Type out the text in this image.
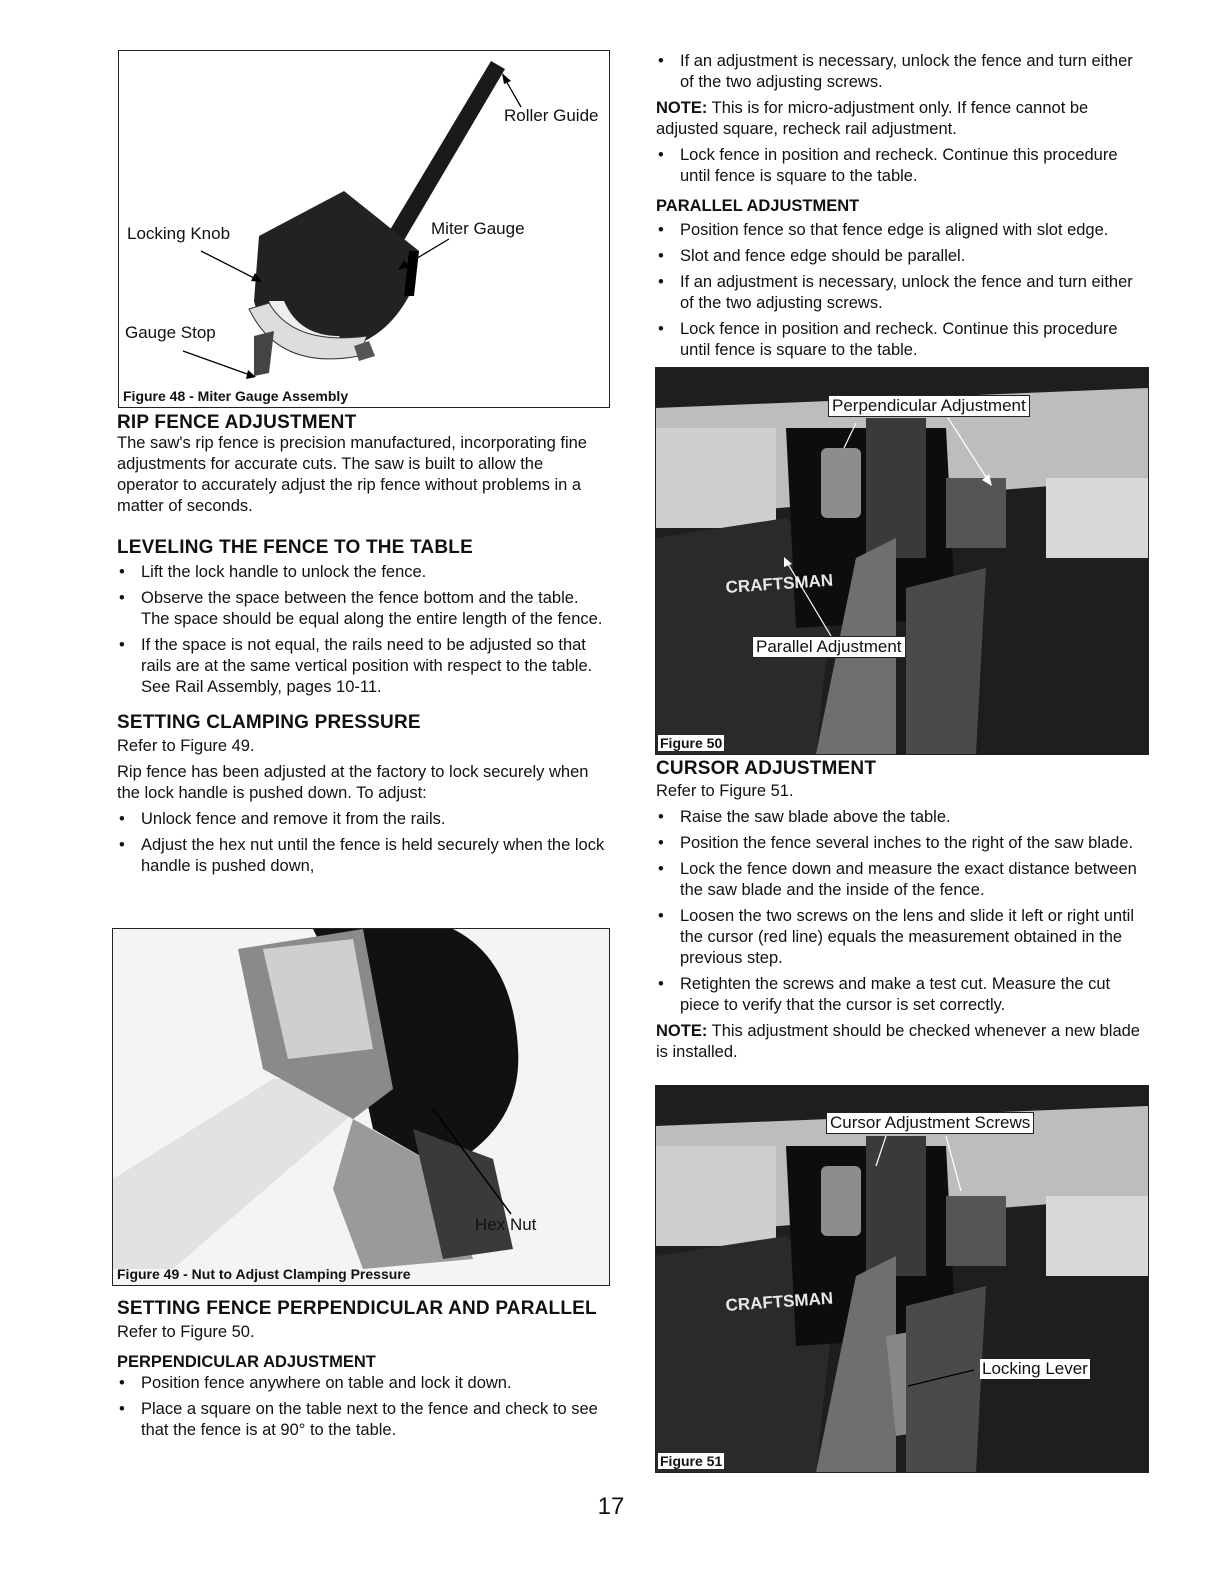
Roller Guide
Locking Knob	Miter Gauge
Gauge Stop
Figure 48 - Miter Gauge Assembly
RIP FENCE ADJUSTMENT

The saw's rip fence is precision manufactured, incorporating fine adjustments for accurate cuts. The saw is built to allow the operator to accurately adjust the rip fence without problems in a matter of seconds.

LEVELING THE FENCE TO THE TABLE
• Lift the lock handle to unlock the fence.
• Observe the space between the fence bottom and the table. The space should be equal along the entire length of the fence.
• If the space is not equal, the rails need to be adjusted so that rails are at the same vertical position with respect to the table. See Rail Assembly, pages 10-11.
SETTING CLAMPING PRESSURE

Refer to Figure 49.

Rip fence has been adjusted at the factory to lock securely when the lock handle is pushed down. To adjust:

• Unlock fence and remove it from the rails.
• Adjust the hex nut until the fence is held securely when the lock handle is pushed down,
Hex Nut
Figure 49 - Nut to Adjust Clamping Pressure
SETTING FENCE PERPENDICULAR AND PARALLEL

Refer to Figure 50.

PERPENDICULAR ADJUSTMENT
• Position fence anywhere on table and lock it down.
• Place a square on the table next to the fence and check to see that the fence is at 90° to the table.
• If an adjustment is necessary, unlock the fence and turn either of the two adjusting screws.

NOTE: This is for micro-adjustment only. If fence cannot be adjusted square, recheck rail adjustment.

• Lock fence in position and recheck. Continue this procedure until fence is square to the table.
PARALLEL ADJUSTMENT
• Position fence so that fence edge is aligned with slot edge.
• Slot and fence edge should be parallel.
• If an adjustment is necessary, unlock the fence and turn either of the two adjusting screws.
• Lock fence in position and recheck. Continue this procedure until fence is square to the table.
CRAFTSMAN
Perpendicular Adjustment
Parallel Adjustment
Figure 50
CURSOR ADJUSTMENT

Refer to Figure 51.

• Raise the saw blade above the table.
• Position the fence several inches to the right of the saw blade.
• Lock the fence down and measure the exact distance between the saw blade and the inside of the fence.
• Loosen the two screws on the lens and slide it left or right until the cursor (red line) equals the measurement obtained in the previous step.
• Retighten the screws and make a test cut. Measure the cut piece to verify that the cursor is set correctly.

NOTE: This adjustment should be checked whenever a new blade is installed.

CRAFTSMAN
Cursor Adjustment Screws
Locking Lever
Figure 51
17
